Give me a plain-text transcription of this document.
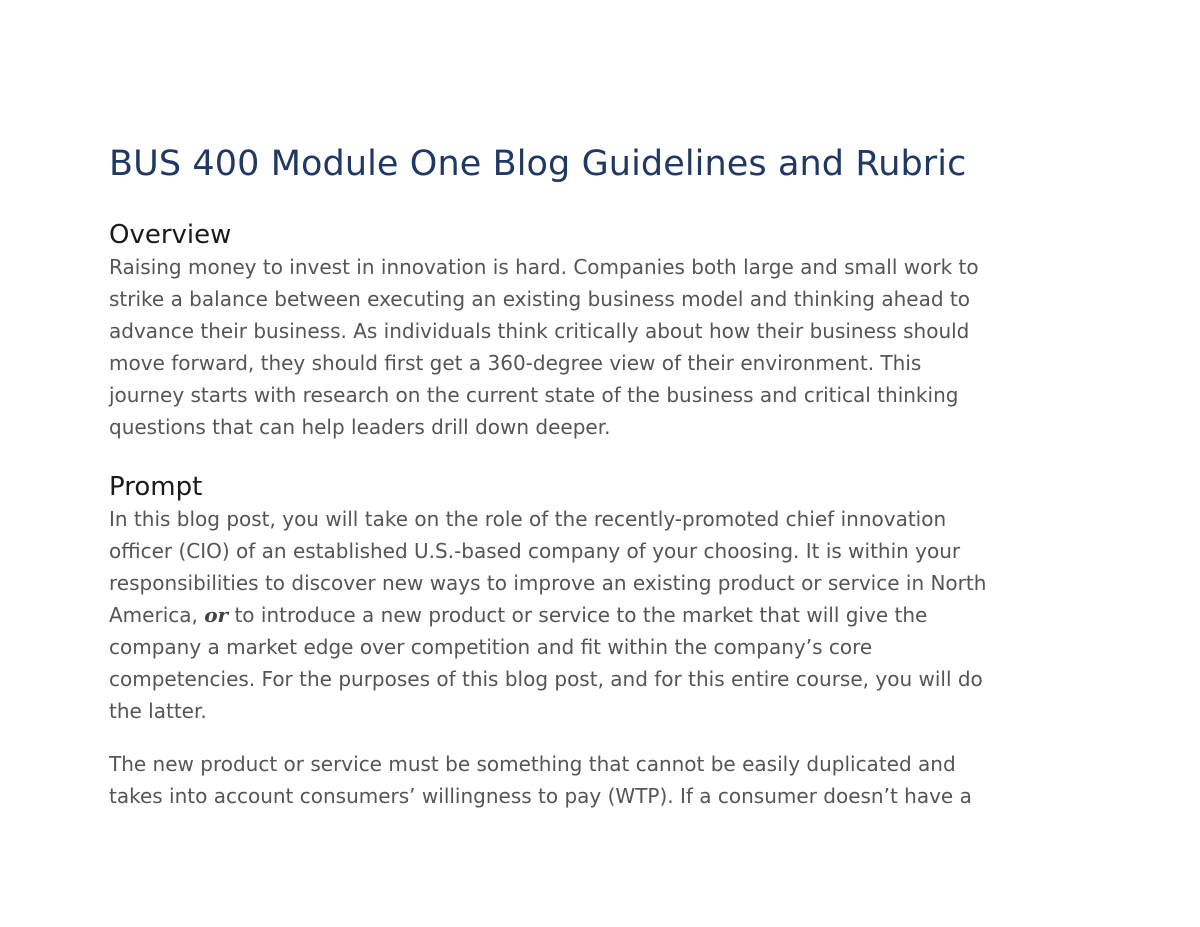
BUS 400 Module One Blog Guidelines and Rubric
Overview

Raising money to invest in innovation is hard. Companies both large and small work to
strike a balance between executing an existing business model and thinking ahead to
advance their business. As individuals think critically about how their business should
move forward, they should first get a 360-degree view of their environment. This
journey starts with research on the current state of the business and critical thinking
questions that can help leaders drill down deeper.

Prompt

In this blog post, you will take on the role of the recently-promoted chief innovation
officer (CIO) of an established U.S.-based company of your choosing. It is within your
responsibilities to discover new ways to improve an existing product or service in North
America, or to introduce a new product or service to the market that will give the
company a market edge over competition and fit within the company’s core
competencies. For the purposes of this blog post, and for this entire course, you will do
the latter.

The new product or service must be something that cannot be easily duplicated and
takes into account consumers’ willingness to pay (WTP). If a consumer doesn’t have a
